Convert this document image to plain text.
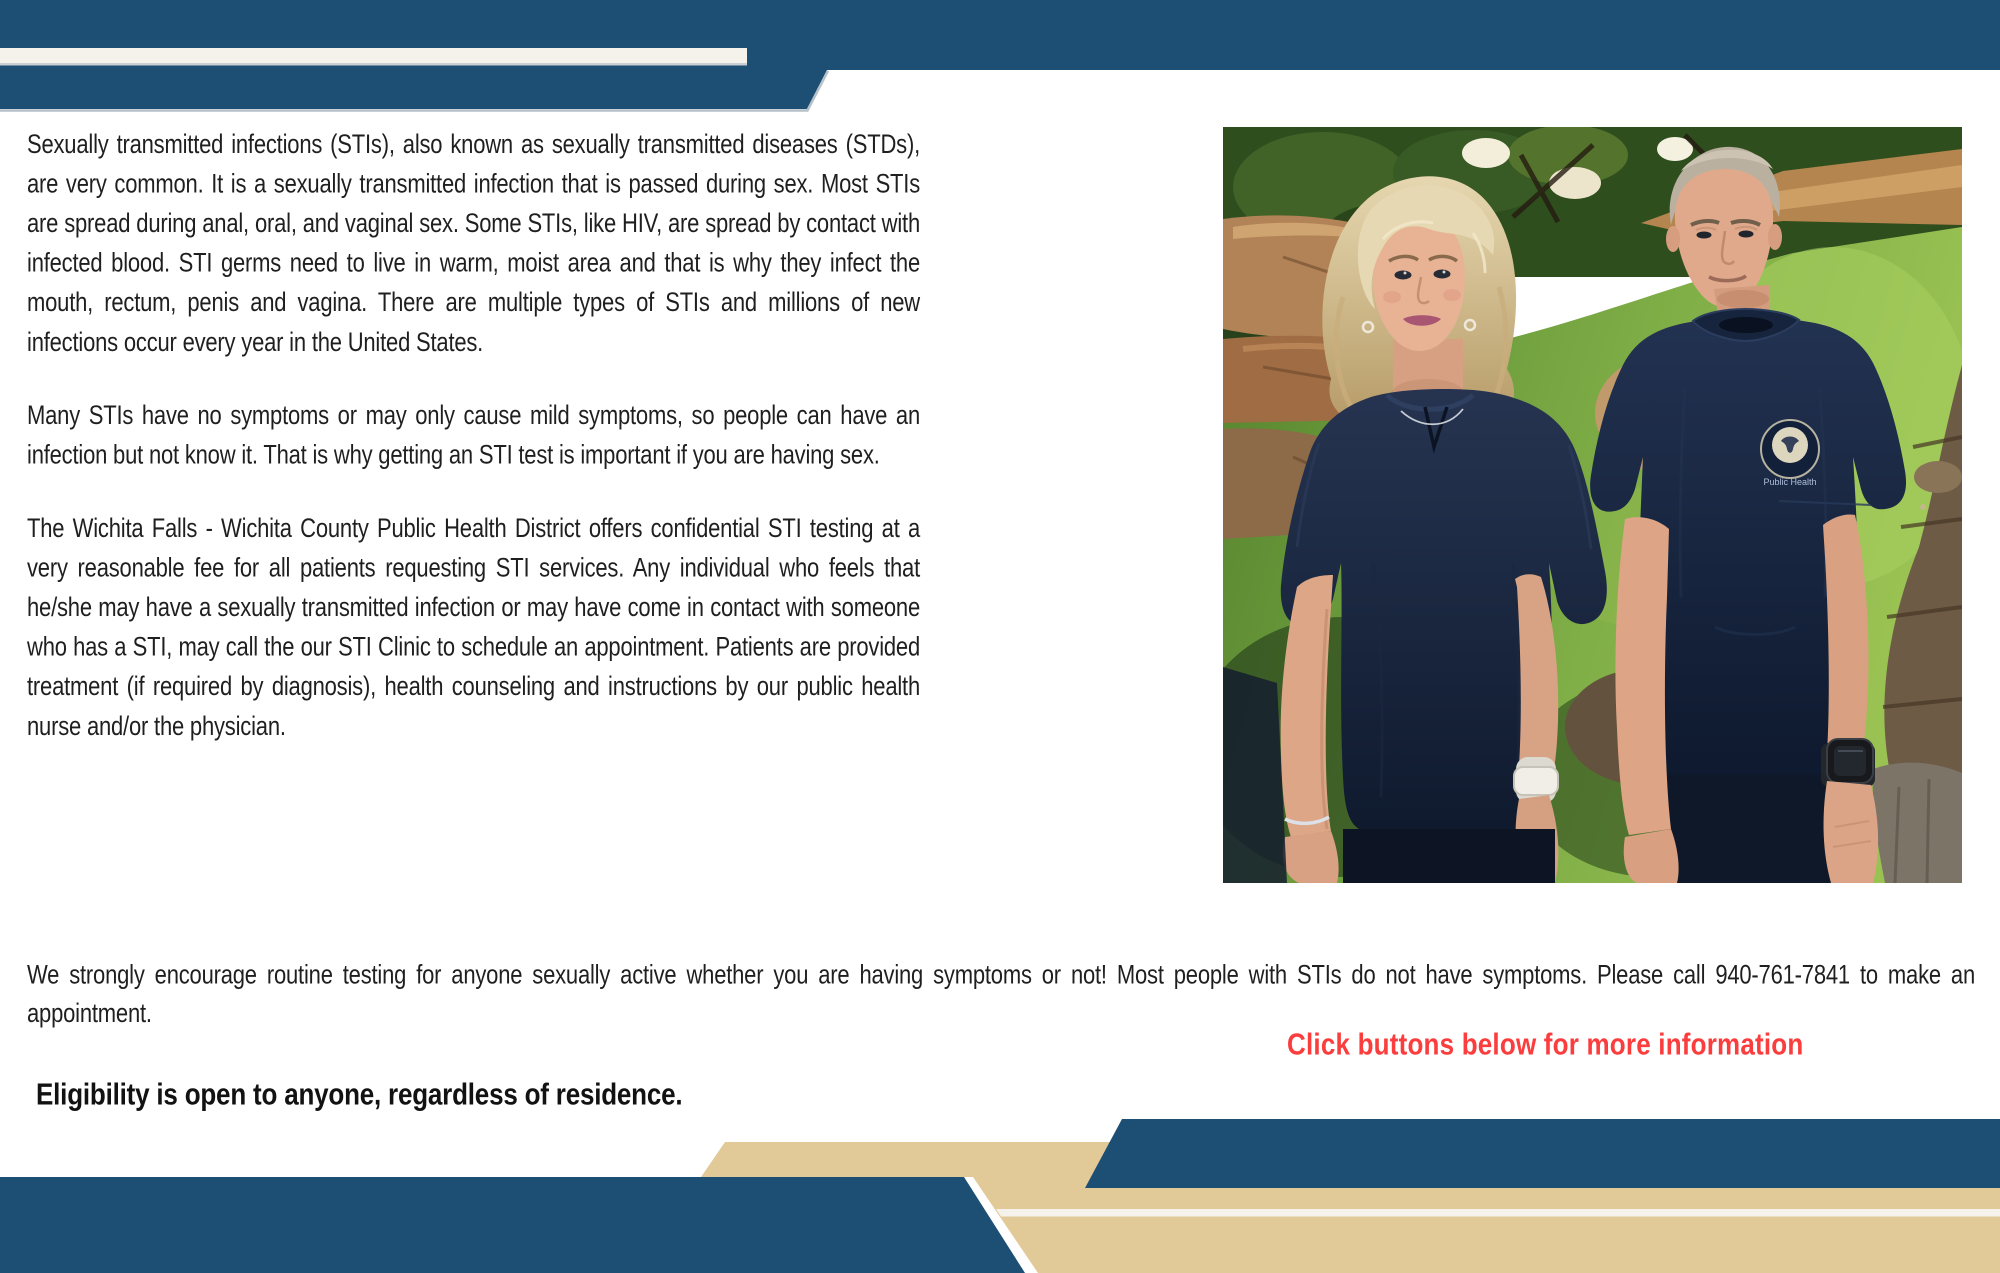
Sexually transmitted infections (STIs), also known as sexually transmitted diseases (STDs), are very common. It is a sexually transmitted infection that is passed during sex. Most STIs are spread during anal, oral, and vaginal sex. Some STIs, like HIV, are spread by contact with infected blood. STI germs need to live in warm, moist area and that is why they infect the mouth, rectum, penis and vagina. There are multiple types of STIs and millions of new infections occur every year in the United States.

Many STIs have no symptoms or may only cause mild symptoms, so people can have an infection but not know it. That is why getting an STI test is important if you are having sex.

The Wichita Falls - Wichita County Public Health District offers confidential STI testing at a very reasonable fee for all patients requesting STI services. Any individual who feels that he/she may have a sexually transmitted infection or may have come in contact with someone who has a STI, may call the our STI Clinic to schedule an appointment. Patients are provided treatment (if required by diagnosis), health counseling and instructions by our public health nurse and/or the physician.

We strongly encourage routine testing for anyone sexually active whether you are having symptoms or not! Most people with STIs do not have symptoms. Please call 940-761-7841 to make an appointment.
Click buttons below for more information
Eligibility is open to anyone, regardless of residence.
Public Health
